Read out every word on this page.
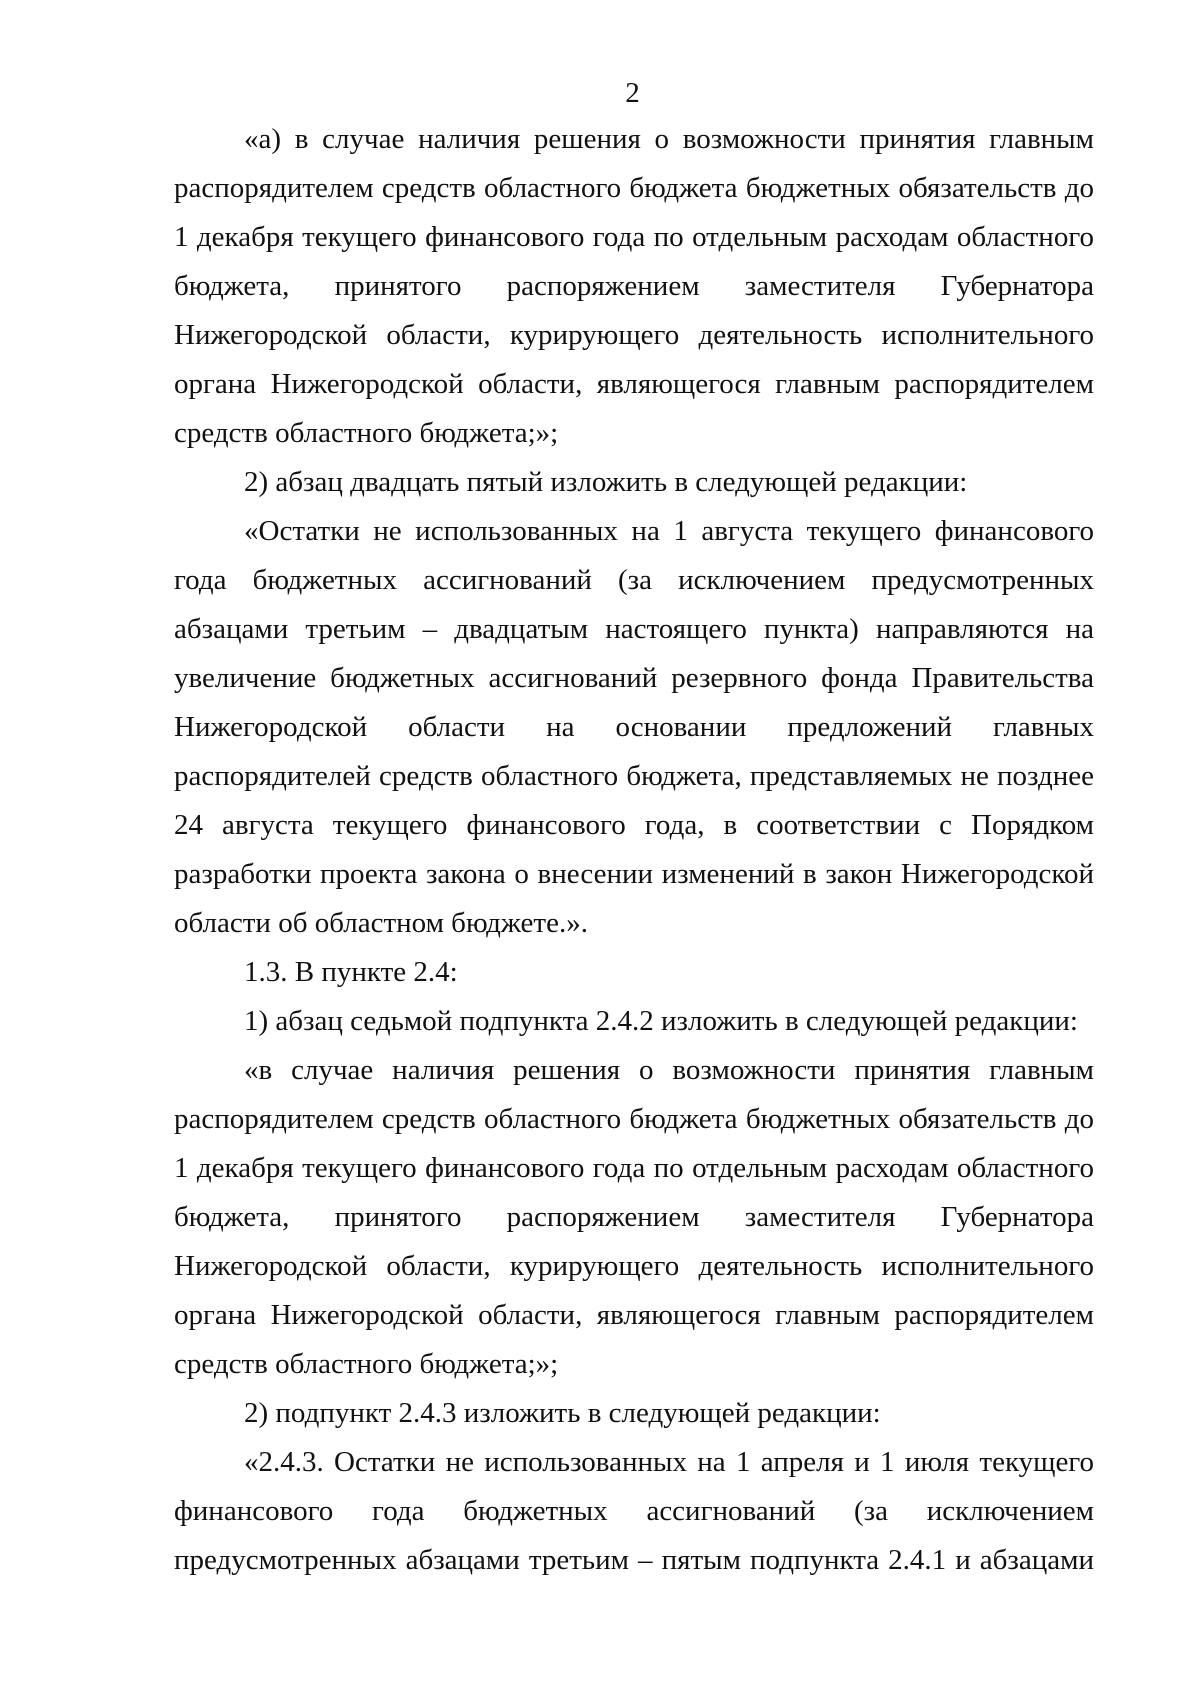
2

«а) в случае наличия решения о возможности принятия главным распорядителем средств областного бюджета бюджетных обязательств до 1 декабря текущего финансового года по отдельным расходам областного бюджета, принятого распоряжением заместителя Губернатора Нижегородской области, курирующего деятельность исполнительного органа Нижегородской области, являющегося главным распорядителем средств областного бюджета;»;

2) абзац двадцать пятый изложить в следующей редакции:

«Остатки не использованных на 1 августа текущего финансового года бюджетных ассигнований (за исключением предусмотренных абзацами третьим – двадцатым настоящего пункта) направляются на увеличение бюджетных ассигнований резервного фонда Правительства Нижегородской области на основании предложений главных распорядителей средств областного бюджета, представляемых не позднее 24 августа текущего финансового года, в соответствии с Порядком разработки проекта закона о внесении изменений в закон Нижегородской области об областном бюджете.».

1.3. В пункте 2.4:

1) абзац седьмой подпункта 2.4.2 изложить в следующей редакции:

«в случае наличия решения о возможности принятия главным распорядителем средств областного бюджета бюджетных обязательств до 1 декабря текущего финансового года по отдельным расходам областного бюджета, принятого распоряжением заместителя Губернатора Нижегородской области, курирующего деятельность исполнительного органа Нижегородской области, являющегося главным распорядителем средств областного бюджета;»;

2) подпункт 2.4.3 изложить в следующей редакции:

«2.4.3. Остатки не использованных на 1 апреля и 1 июля текущего финансового года бюджетных ассигнований (за исключением предусмотренных абзацами третьим – пятым подпункта 2.4.1 и абзацами
